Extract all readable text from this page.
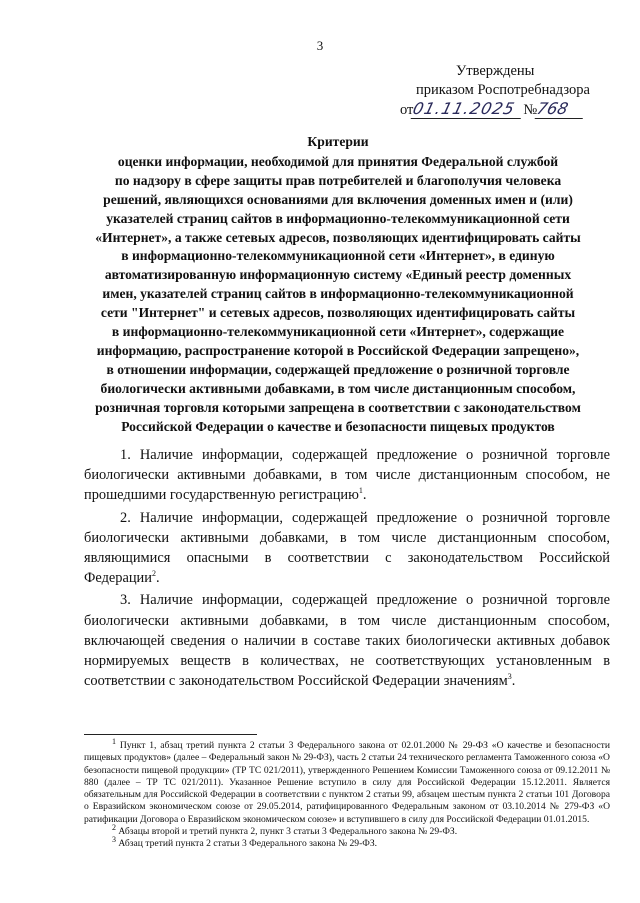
3
Утверждены
приказом Роспотребнадзора
от01.11.2025 №768
Критерии
оценки информации, необходимой для принятия Федеральной службой
по надзору в сфере защиты прав потребителей и благополучия человека
решений, являющихся основаниями для включения доменных имен и (или)
указателей страниц сайтов в информационно-телекоммуникационной сети
«Интернет», а также сетевых адресов, позволяющих идентифицировать сайты
в информационно-телекоммуникационной сети «Интернет», в единую
автоматизированную информационную систему «Единый реестр доменных
имен, указателей страниц сайтов в информационно-телекоммуникационной
сети "Интернет" и сетевых адресов, позволяющих идентифицировать сайты
в информационно-телекоммуникационной сети «Интернет», содержащие
информацию, распространение которой в Российской Федерации запрещено»,
в отношении информации, содержащей предложение о розничной торговле
биологически активными добавками, в том числе дистанционным способом,
розничная торговля которыми запрещена в соответствии с законодательством
Российской Федерации о качестве и безопасности пищевых продуктов

1. Наличие информации, содержащей предложение о розничной торговле биологически активными добавками, в том числе дистанционным способом, не прошедшими государственную регистрацию$^1$.

2. Наличие информации, содержащей предложение о розничной торговле биологически активными добавками, в том числе дистанционным способом, являющимися опасными в соответствии с законодательством Российской Федерации$^2$.

3. Наличие информации, содержащей предложение о розничной торговле биологически активными добавками, в том числе дистанционным способом, включающей сведения о наличии в составе таких биологически активных добавок нормируемых веществ в количествах, не соответствующих установленным в соответствии с законодательством Российской Федерации значениям$^3$.

$^1$ Пункт 1, абзац третий пункта 2 статьи 3 Федерального закона от 02.01.2000 № 29-ФЗ «О качестве и безопасности пищевых продуктов» (далее – Федеральный закон № 29-ФЗ), часть 2 статьи 24 технического регламента Таможенного союза «О безопасности пищевой продукции» (ТР ТС 021/2011), утвержденного Решением Комиссии Таможенного союза от 09.12.2011 № 880 (далее – ТР ТС 021/2011). Указанное Решение вступило в силу для Российской Федерации 15.12.2011. Является обязательным для Российской Федерации в соответствии с пунктом 2 статьи 99, абзацем шестым пункта 2 статьи 101 Договора о Евразийском экономическом союзе от 29.05.2014, ратифицированного Федеральным законом от 03.10.2014 № 279-ФЗ «О ратификации Договора о Евразийском экономическом союзе» и вступившего в силу для Российской Федерации 01.01.2015.

$^2$ Абзацы второй и третий пункта 2, пункт 3 статьи 3 Федерального закона № 29-ФЗ.

$^3$ Абзац третий пункта 2 статьи 3 Федерального закона № 29-ФЗ.
